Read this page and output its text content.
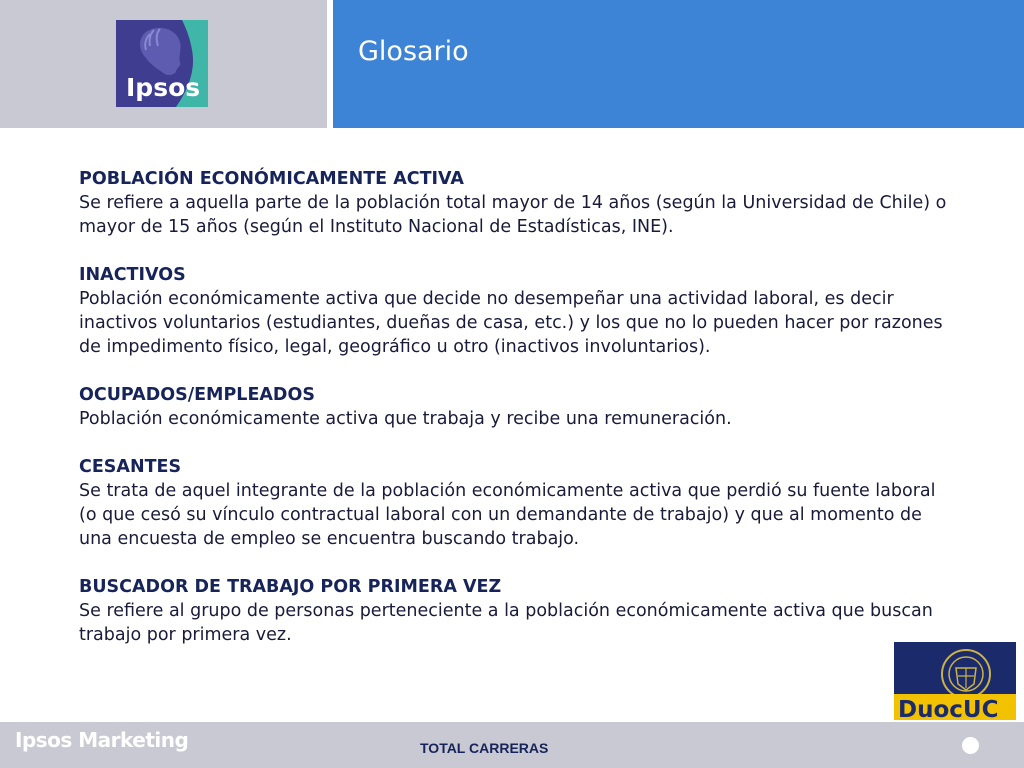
Glosario
Ipsos
POBLACIÓN ECONÓMICAMENTE ACTIVA

Se refiere a aquella parte de la población total mayor de 14 años (según la Universidad de Chile) o mayor de 15 años (según el Instituto Nacional de Estadísticas, INE).

INACTIVOS

Población económicamente activa que decide no desempeñar una actividad laboral, es decir inactivos voluntarios (estudiantes, dueñas de casa, etc.) y los que no lo pueden hacer por razones de impedimento físico, legal, geográfico u otro (inactivos involuntarios).

OCUPADOS/EMPLEADOS

Población económicamente activa que trabaja y recibe una remuneración.

CESANTES

Se trata de aquel integrante de la población económicamente activa que perdió su fuente laboral (o que cesó su vínculo contractual laboral con un demandante de trabajo) y que al momento de una encuesta de empleo se encuentra buscando trabajo.

BUSCADOR DE TRABAJO POR PRIMERA VEZ

Se refiere al grupo de personas perteneciente a la población económicamente activa que buscan trabajo por primera vez.

DuocUC
Ipsos Marketing	TOTAL CARRERAS
